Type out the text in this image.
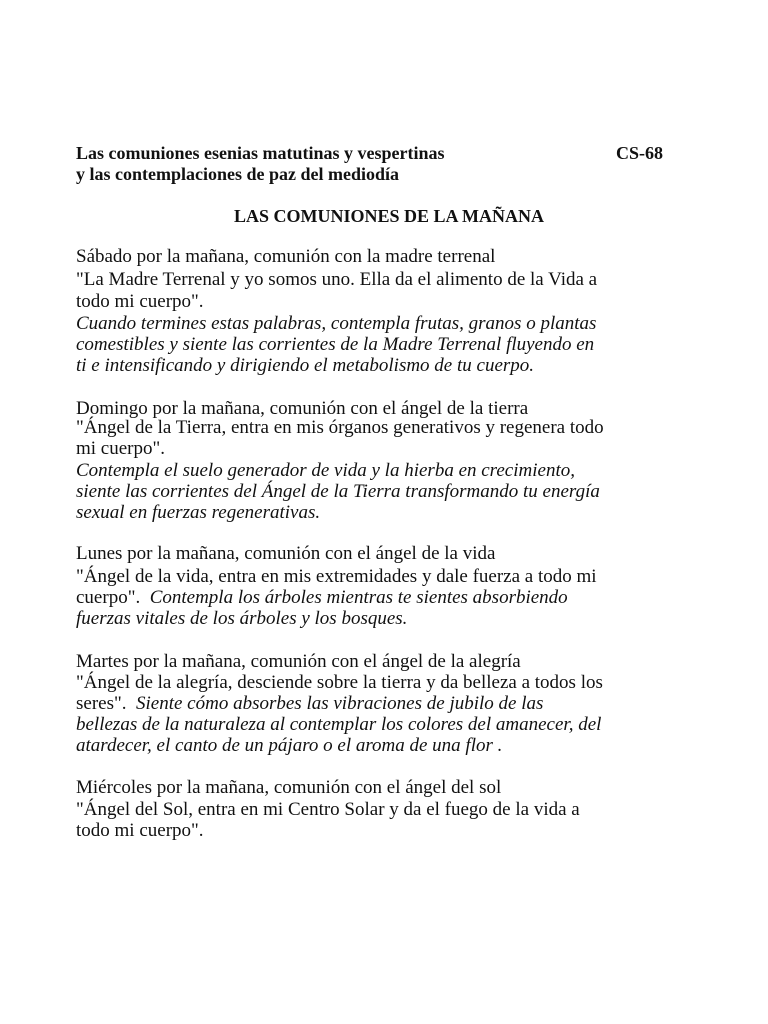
Las comuniones esenias matutinas y vespertinas	CS-68
y las contemplaciones de paz del mediodía
LAS COMUNIONES DE LA MAÑANA
Sábado por la mañana, comunión con la madre terrenal
"La Madre Terrenal y yo somos uno. Ella da el alimento de la Vida a
todo mi cuerpo".
Cuando termines estas palabras, contempla frutas, granos o plantas
comestibles y siente las corrientes de la Madre Terrenal fluyendo en
ti e intensificando y dirigiendo el metabolismo de tu cuerpo.
Domingo por la mañana, comunión con el ángel de la tierra
"Ángel de la Tierra, entra en mis órganos generativos y regenera todo
mi cuerpo".
Contempla el suelo generador de vida y la hierba en crecimiento,
siente las corrientes del Ángel de la Tierra transformando tu energía
sexual en fuerzas regenerativas.
Lunes por la mañana, comunión con el ángel de la vida
"Ángel de la vida, entra en mis extremidades y dale fuerza a todo mi
cuerpo". Contempla los árboles mientras te sientes absorbiendo
fuerzas vitales de los árboles y los bosques.
Martes por la mañana, comunión con el ángel de la alegría
"Ángel de la alegría, desciende sobre la tierra y da belleza a todos los
seres". Siente cómo absorbes las vibraciones de jubilo de las
bellezas de la naturaleza al contemplar los colores del amanecer, del
atardecer, el canto de un pájaro o el aroma de una flor .
Miércoles por la mañana, comunión con el ángel del sol
"Ángel del Sol, entra en mi Centro Solar y da el fuego de la vida a
todo mi cuerpo".
